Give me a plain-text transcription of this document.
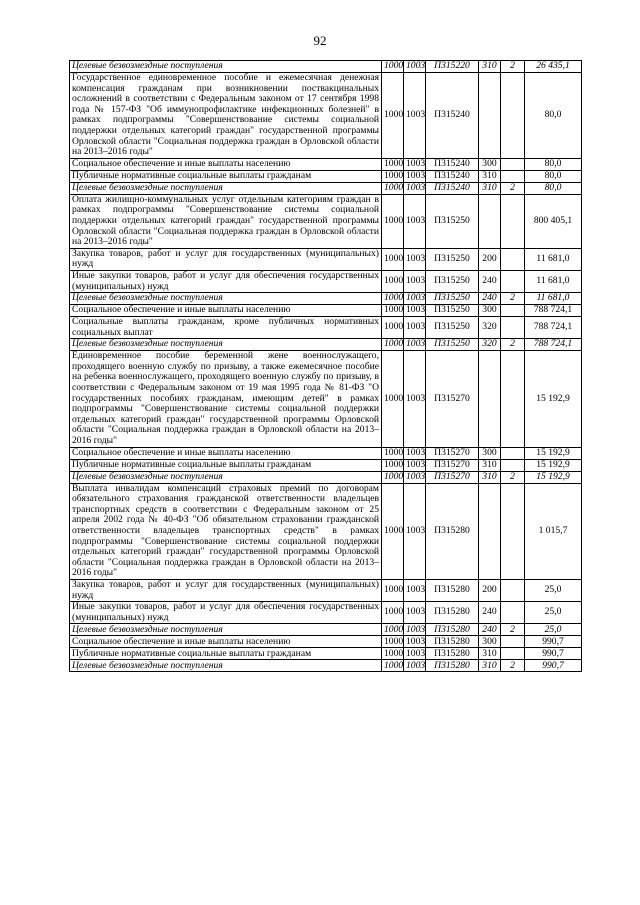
92
Целевые безвозмездные поступления	1000	1003	П315220	310	2	26 435,1
Государственное единовременное пособие и ежемесячная денежная компенсация гражданам при возникновении поствакцинальных осложнений в соответствии с Федеральным законом от 17 сентября 1998 года № 157-ФЗ "Об иммунопрофилактике инфекционных болезней" в рамках подпрограммы "Совершенствование системы социальной поддержки отдельных категорий граждан" государственной программы Орловской области "Социальная поддержка граждан в Орловской области на 2013–2016 годы"	1000	1003	П315240			80,0
Социальное обеспечение и иные выплаты населению	1000	1003	П315240	300		80,0
Публичные нормативные социальные выплаты гражданам	1000	1003	П315240	310		80,0
Целевые безвозмездные поступления	1000	1003	П315240	310	2	80,0
Оплата жилищно-коммунальных услуг отдельным категориям граждан в рамках подпрограммы "Совершенствование системы социальной поддержки отдельных категорий граждан" государственной программы Орловской области "Социальная поддержка граждан в Орловской области на 2013–2016 годы"	1000	1003	П315250			800 405,1
Закупка товаров, работ и услуг для государственных (муниципальных) нужд	1000	1003	П315250	200		11 681,0
Иные закупки товаров, работ и услуг для обеспечения государственных (муниципальных) нужд	1000	1003	П315250	240		11 681,0
Целевые безвозмездные поступления	1000	1003	П315250	240	2	11 681,0
Социальное обеспечение и иные выплаты населению	1000	1003	П315250	300		788 724,1
Социальные выплаты гражданам, кроме публичных нормативных социальных выплат	1000	1003	П315250	320		788 724,1
Целевые безвозмездные поступления	1000	1003	П315250	320	2	788 724,1
Единовременное пособие беременной жене военнослужащего, проходящего военную службу по призыву, а также ежемесячное пособие на ребенка военнослужащего, проходящего военную службу по призыву, в соответствии с Федеральным законом от 19 мая 1995 года № 81-ФЗ "О государственных пособиях гражданам, имеющим детей" в рамках подпрограммы "Совершенствование системы социальной поддержки отдельных категорий граждан" государственной программы Орловской области "Социальная поддержка граждан в Орловской области на 2013–2016 годы"	1000	1003	П315270			15 192,9
Социальное обеспечение и иные выплаты населению	1000	1003	П315270	300		15 192,9
Публичные нормативные социальные выплаты гражданам	1000	1003	П315270	310		15 192,9
Целевые безвозмездные поступления	1000	1003	П315270	310	2	15 192,9
Выплата инвалидам компенсаций страховых премий по договорам обязательного страхования гражданской ответственности владельцев транспортных средств в соответствии с Федеральным законом от 25 апреля 2002 года № 40-ФЗ "Об обязательном страховании гражданской ответственности владельцев транспортных средств" в рамках подпрограммы "Совершенствование системы социальной поддержки отдельных категорий граждан" государственной программы Орловской области "Социальная поддержка граждан в Орловской области на 2013–2016 годы"	1000	1003	П315280			1 015,7
Закупка товаров, работ и услуг для государственных (муниципальных) нужд	1000	1003	П315280	200		25,0
Иные закупки товаров, работ и услуг для обеспечения государственных (муниципальных) нужд	1000	1003	П315280	240		25,0
Целевые безвозмездные поступления	1000	1003	П315280	240	2	25,0
Социальное обеспечение и иные выплаты населению	1000	1003	П315280	300		990,7
Публичные нормативные социальные выплаты гражданам	1000	1003	П315280	310		990,7
Целевые безвозмездные поступления	1000	1003	П315280	310	2	990,7
